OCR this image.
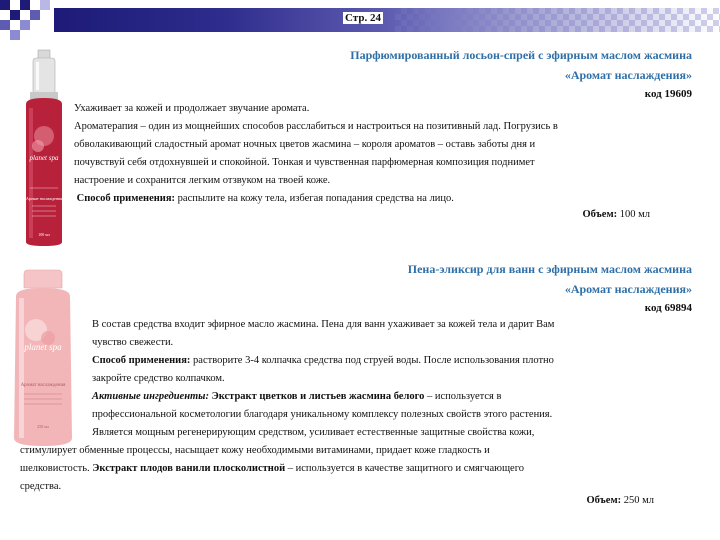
Стр. 24
planet spa
Аромат наслаждения
100 мл
Парфюмированный лосьон-спрей с эфирным маслом жасмина
«Аромат наслаждения»
код 19609

Ухаживает за кожей и продолжает звучание аромата.
Ароматерапия – один из мощнейших способов расслабиться и настроиться на позитивный лад. Погрузись в
обволакивающий сладостный аромат ночных цветов жасмина – короля ароматов – оставь заботы дня и
почувствуй себя отдохнувшей и спокойной. Тонкая и чувственная парфюмерная композиция поднимет
настроение и сохранится легким отзвуком на твоей коже.
Способ применения: распылите на кожу тела, избегая попадания средства на лицо.

Объем: 100 мл
planet spa
Аромат наслаждения
250 мл
Пена-эликсир для ванн с эфирным маслом жасмина
«Аромат наслаждения»
код 69894

В состав средства входит эфирное масло жасмина. Пена для ванн ухаживает за кожей тела и дарит Вам
чувство свежести.
Способ применения: растворите 3-4 колпачка средства под струей воды. После использования плотно
закройте средство колпачком.
Активные ингредиенты: Экстракт цветков и листьев жасмина белого – используется в
профессиональной косметологии благодаря уникальному комплексу полезных свойств этого растения.
Является мощным регенерирующим средством, усиливает естественные защитные свойства кожи,

стимулирует обменные процессы, насыщает кожу необходимыми витаминами, придает коже гладкость и
шелковистость. Экстракт плодов ванили плосколистной – используется в качестве защитного и смягчающего
средства.

Объем: 250 мл
